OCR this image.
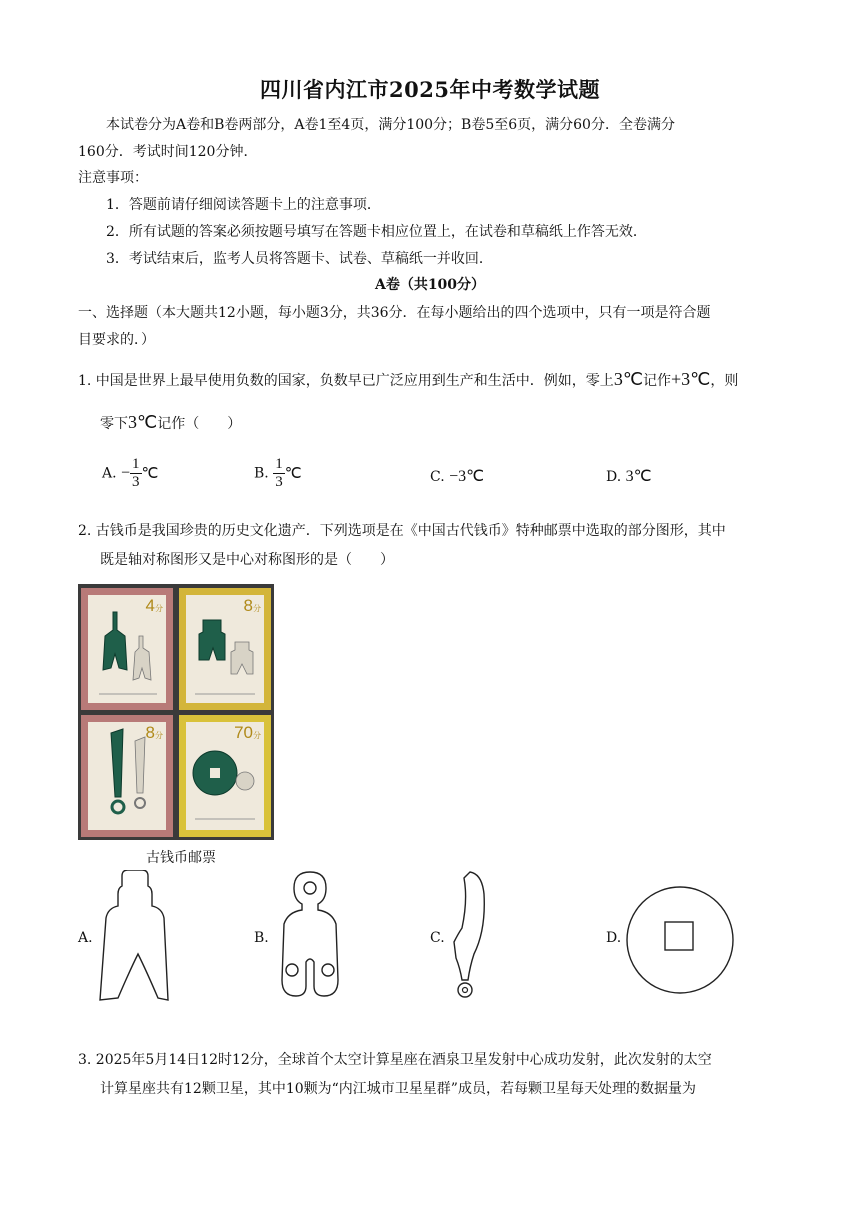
四川省内江市2025年中考数学试题
本试卷分为A卷和B卷两部分，A卷1至4页，满分100分；B卷5至6页，满分60分．全卷满分
160分．考试时间120分钟．
注意事项：
1．答题前请仔细阅读答题卡上的注意事项．
2．所有试题的答案必须按题号填写在答题卡相应位置上，在试卷和草稿纸上作答无效．
3．考试结束后，监考人员将答题卡、试卷、草稿纸一并收回．
A卷（共100分）
一、选择题（本大题共12小题，每小题3分，共36分．在每小题给出的四个选项中，只有一项是符合题
目要求的．）
1. 中国是世界上最早使用负数的国家，负数早已广泛应用到生产和生活中．例如，零上3℃记作+3℃，则
零下3℃记作（　　）
A. − $\frac{1}{3}$ ℃	B. $\frac{1}{3}$ ℃	C. −3℃	D. 3℃
2. 古钱币是我国珍贵的历史文化遗产．下列选项是在《中国古代钱币》特种邮票中选取的部分图形，其中
既是轴对称图形又是中心对称图形的是（　　）
4分	8分
8分	70分
古钱币邮票
A.	B.	C.	D.
3. 2025年5月14日12时12分，全球首个太空计算星座在酒泉卫星发射中心成功发射，此次发射的太空
计算星座共有12颗卫星，其中10颗为“内江城市卫星星群”成员，若每颗卫星每天处理的数据量为
